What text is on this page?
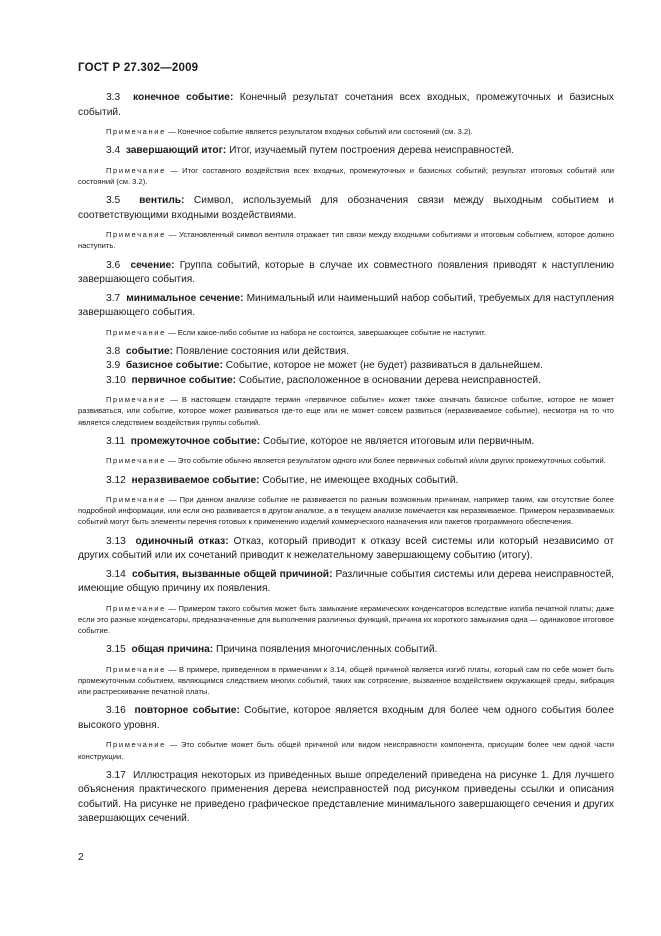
ГОСТ Р 27.302—2009

3.3  конечное событие: Конечный результат сочетания всех входных, промежуточных и базисных событий.

Примечание — Конечное событие является результатом входных событий или состояний (см. 3.2).

3.4  завершающий итог: Итог, изучаемый путем построения дерева неисправностей.

Примечание — Итог составного воздействия всех входных, промежуточных и базисных событий; результат итоговых событий или состояний (см. 3.2).

3.5  вентиль: Символ, используемый для обозначения связи между выходным событием и соответствующими входными воздействиями.

Примечание — Установленный символ вентиля отражает тип связи между входными событиями и итоговым событием, которое должно наступить.

3.6  сечение: Группа событий, которые в случае их совместного появления приводят к наступлению завершающего события.

3.7  минимальное сечение: Минимальный или наименьший набор событий, требуемых для наступления завершающего события.

Примечание — Если какое-либо событие из набора не состоится, завершающее событие не наступит.

3.8  событие: Появление состояния или действия.

3.9  базисное событие: Событие, которое не может (не будет) развиваться в дальнейшем.

3.10  первичное событие: Событие, расположенное в основании дерева неисправностей.

Примечание — В настоящем стандарте термин «первичное событие» может также означать базисное событие, которое не может развиваться, или событие, которое может развиваться где-то еще или не может совсем развиться (неразвиваемое событие), несмотря на то что является следствием воздействия группы событий.

3.11  промежуточное событие: Событие, которое не является итоговым или первичным.

Примечание — Это событие обычно является результатом одного или более первичных событий и/или других промежуточных событий.

3.12  неразвиваемое событие: Событие, не имеющее входных событий.

Примечание — При данном анализе событие не развивается по разным возможным причинам, например таким, как отсутствие более подробной информации, или если оно развивается в другом анализе, а в текущем анализе помечается как неразвиваемое. Примером неразвиваемых событий могут быть элементы перечня готовых к применению изделий коммерческого назначения или пакетов программного обеспечения.

3.13  одиночный отказ: Отказ, который приводит к отказу всей системы или который независимо от других событий или их сочетаний приводит к нежелательному завершающему событию (итогу).

3.14  события, вызванные общей причиной: Различные события системы или дерева неисправностей, имеющие общую причину их появления.

Примечание — Примером такого события может быть замыкание керамических конденсаторов вследствие изгиба печатной платы; даже если это разные конденсаторы, предназначенные для выполнения различных функций, причина их короткого замыкания одна — одинаковое итоговое событие.

3.15  общая причина: Причина появления многочисленных событий.

Примечание — В примере, приведенном в примечании к 3.14, общей причиной является изгиб платы, который сам по себе может быть промежуточным событием, являющимся следствием многих событий, таких как сотрясение, вызванное воздействием окружающей среды, вибрация или растрескивание печатной платы.

3.16  повторное событие: Событие, которое является входным для более чем одного события более высокого уровня.

Примечание — Это событие может быть общей причиной или видом неисправности компонента, присущим более чем одной части конструкции.

3.17  Иллюстрация некоторых из приведенных выше определений приведена на рисунке 1. Для лучшего объяснения практического применения дерева неисправностей под рисунком приведены ссылки и описания событий. На рисунке не приведено графическое представление минимального завершающего сечения и других завершающих сечений.

2
